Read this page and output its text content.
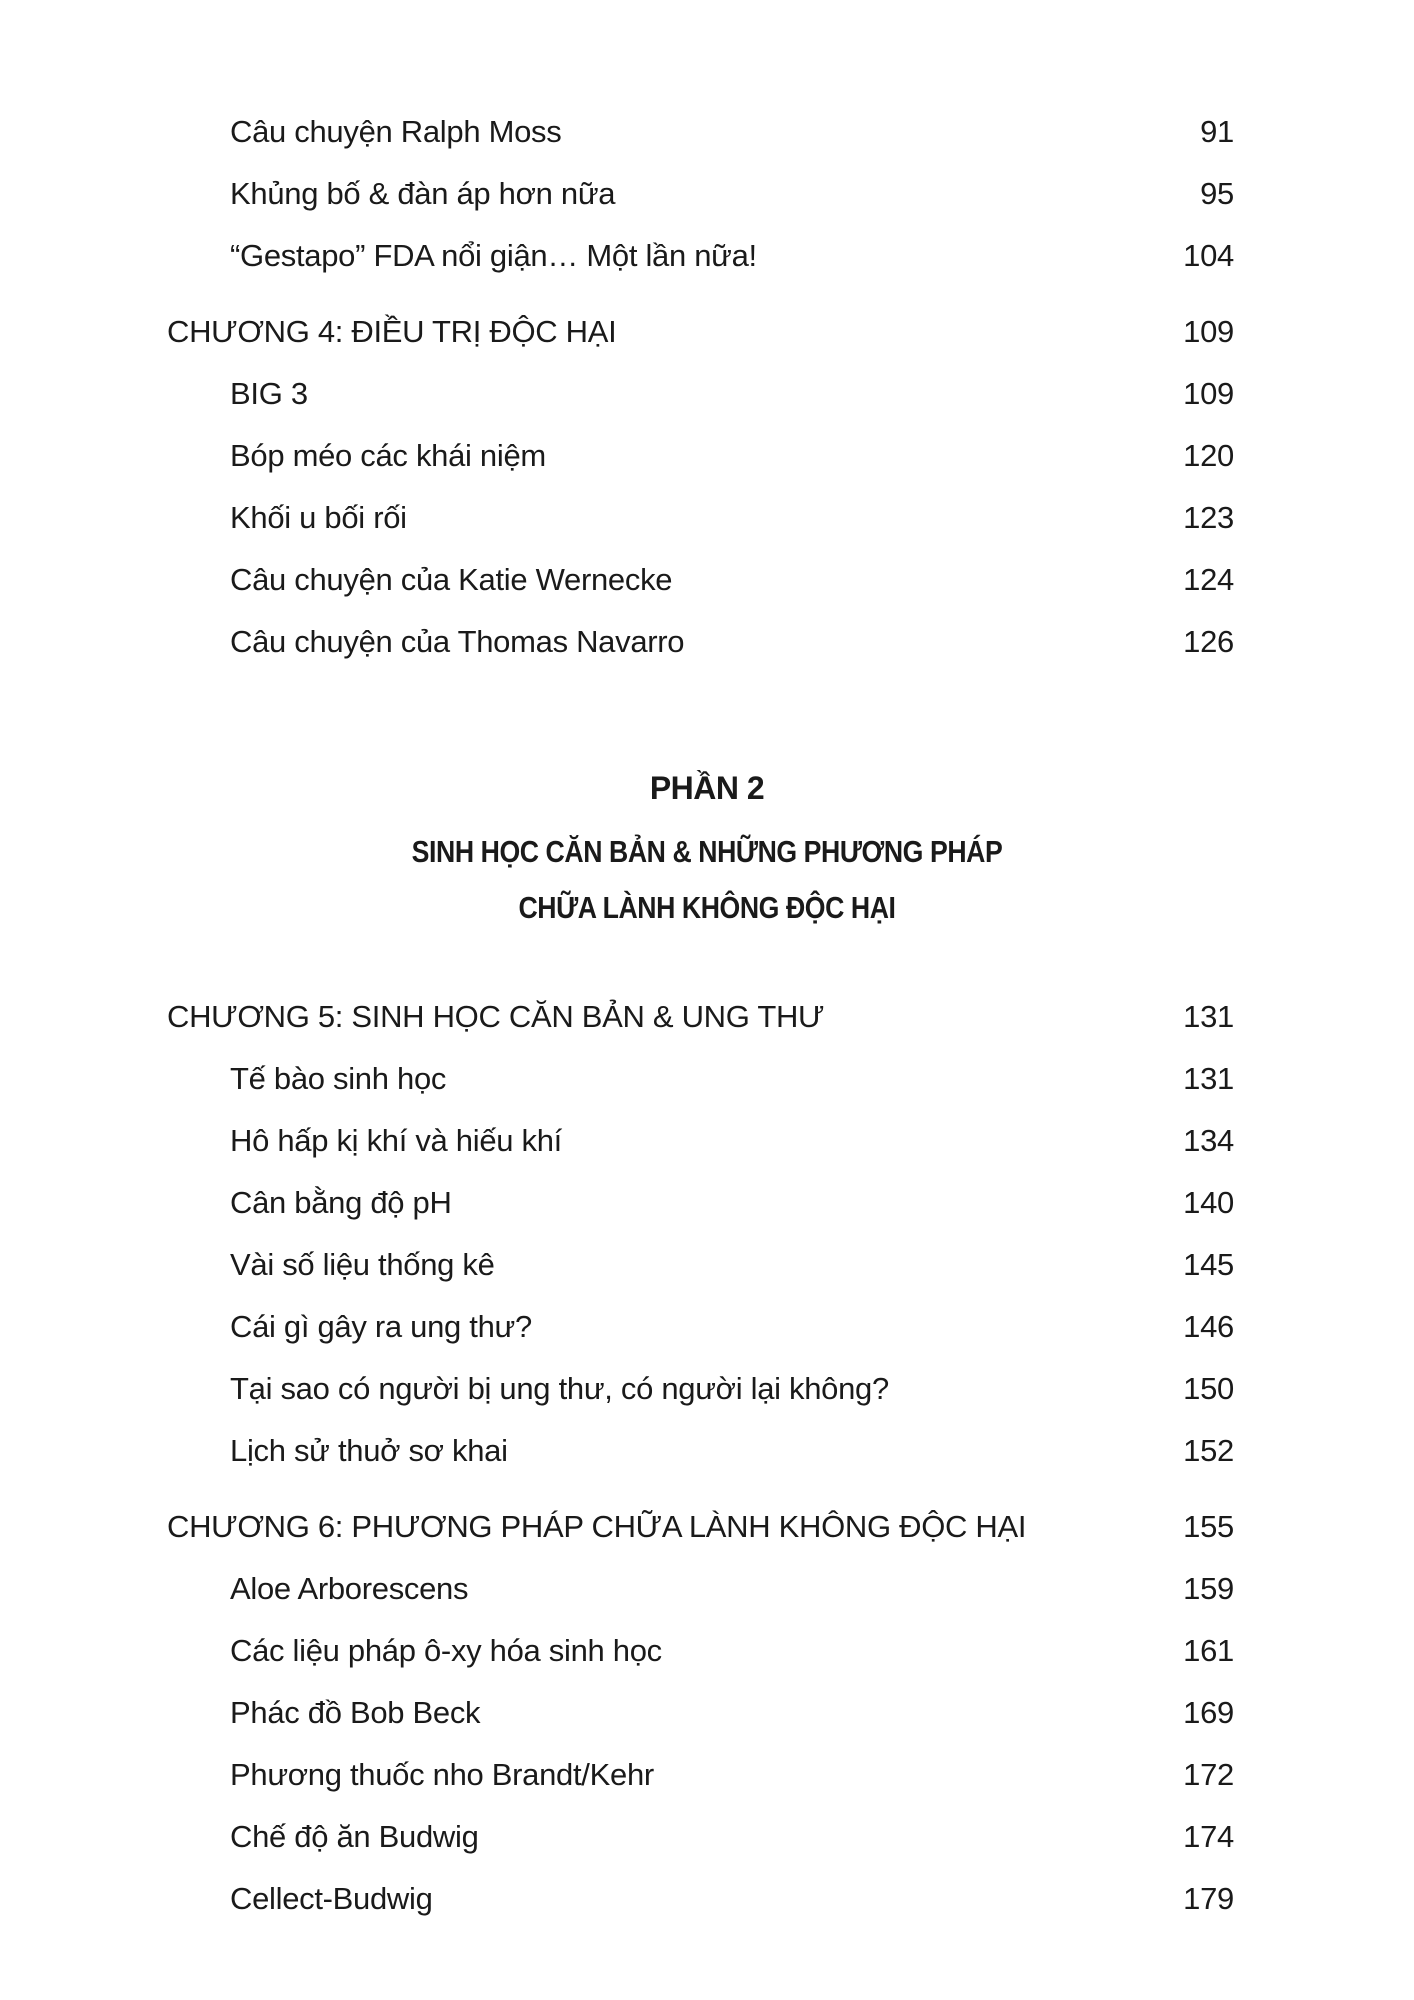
Câu chuyện Ralph Moss	91
Khủng bố & đàn áp hơn nữa	95
“Gestapo” FDA nổi giận… Một lần nữa!	104
CHƯƠNG 4: ĐIỀU TRỊ ĐỘC HẠI	109
BIG 3	109
Bóp méo các khái niệm	120
Khối u bối rối	123
Câu chuyện của Katie Wernecke	124
Câu chuyện của Thomas Navarro	126
PHẦN 2
SINH HỌC CĂN BẢN & NHỮNG PHƯƠNG PHÁP
CHỮA LÀNH KHÔNG ĐỘC HẠI
CHƯƠNG 5: SINH HỌC CĂN BẢN & UNG THƯ	131
Tế bào sinh học	131
Hô hấp kị khí và hiếu khí	134
Cân bằng độ pH	140
Vài số liệu thống kê	145
Cái gì gây ra ung thư?	146
Tại sao có người bị ung thư, có người lại không?	150
Lịch sử thuở sơ khai	152
CHƯƠNG 6: PHƯƠNG PHÁP CHỮA LÀNH KHÔNG ĐỘC HẠI	155
Aloe Arborescens	159
Các liệu pháp ô-xy hóa sinh học	161
Phác đồ Bob Beck	169
Phương thuốc nho Brandt/Kehr	172
Chế độ ăn Budwig	174
Cellect-Budwig	179
